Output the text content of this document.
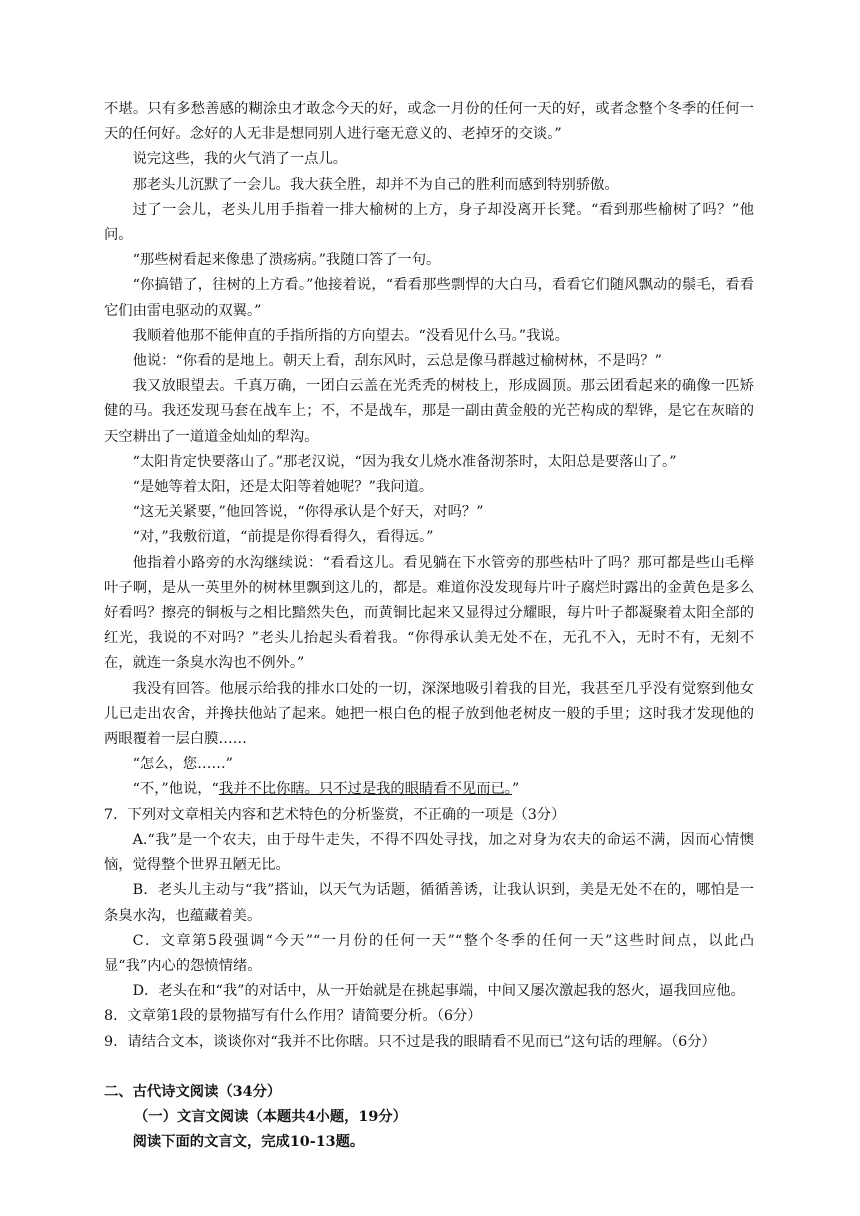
不堪。只有多愁善感的糊涂虫才敢念今天的好，或念一月份的任何一天的好，或者念整个冬季的任何一天的任何好。念好的人无非是想同别人进行毫无意义的、老掉牙的交谈。”

说完这些，我的火气消了一点儿。

那老头儿沉默了一会儿。我大获全胜，却并不为自己的胜利而感到特别骄傲。

过了一会儿，老头儿用手指着一排大榆树的上方，身子却没离开长凳。“看到那些榆树了吗？”他问。

“那些树看起来像患了溃疡病。”我随口答了一句。

“你搞错了，往树的上方看。”他接着说，“看看那些剽悍的大白马，看看它们随风飘动的鬃毛，看看它们由雷电驱动的双翼。”

我顺着他那不能伸直的手指所指的方向望去。“没看见什么马。”我说。

他说：“你看的是地上。朝天上看，刮东风时，云总是像马群越过榆树林，不是吗？”

我又放眼望去。千真万确，一团白云盖在光秃秃的树枝上，形成圆顶。那云团看起来的确像一匹矫健的马。我还发现马套在战车上；不，不是战车，那是一副由黄金般的光芒构成的犁铧，是它在灰暗的天空耕出了一道道金灿灿的犁沟。

“太阳肯定快要落山了。”那老汉说，“因为我女儿烧水准备沏茶时，太阳总是要落山了。”

“是她等着太阳，还是太阳等着她呢？”我问道。

“这无关紧要，”他回答说，“你得承认是个好天，对吗？”

“对，”我敷衍道，“前提是你得看得久，看得远。”

他指着小路旁的水沟继续说：“看看这儿。看见躺在下水管旁的那些枯叶了吗？那可都是些山毛榉叶子啊，是从一英里外的树林里飘到这儿的，都是。难道你没发现每片叶子腐烂时露出的金黄色是多么好看吗？擦亮的铜板与之相比黯然失色，而黄铜比起来又显得过分耀眼，每片叶子都凝聚着太阳全部的红光，我说的不对吗？”老头儿抬起头看着我。“你得承认美无处不在，无孔不入，无时不有，无刻不在，就连一条臭水沟也不例外。”

我没有回答。他展示给我的排水口处的一切，深深地吸引着我的目光，我甚至几乎没有觉察到他女儿已走出农舍，并搀扶他站了起来。她把一根白色的棍子放到他老树皮一般的手里；这时我才发现他的两眼覆着一层白膜……

“怎么，您……”

“不，”他说，“我并不比你瞎。只不过是我的眼睛看不见而已。”

7．下列对文章相关内容和艺术特色的分析鉴赏，不正确的一项是（3分）

A.“我”是一个农夫，由于母牛走失，不得不四处寻找，加之对身为农夫的命运不满，因而心情懊恼，觉得整个世界丑陋无比。

B．老头儿主动与“我”搭讪，以天气为话题，循循善诱，让我认识到，美是无处不在的，哪怕是一条臭水沟，也蕴藏着美。

C．文章第5段强调“今天”“一月份的任何一天”“整个冬季的任何一天”这些时间点，以此凸显“我”内心的怨愤情绪。

D．老头在和“我”的对话中，从一开始就是在挑起事端，中间又屡次激起我的怒火，逼我回应他。

8．文章第1段的景物描写有什么作用？请简要分析。（6分）

9．请结合文本，谈谈你对“我并不比你瞎。只不过是我的眼睛看不见而已”这句话的理解。（6分）

二、古代诗文阅读（34分）

（一）文言文阅读（本题共4小题，19分）

阅读下面的文言文，完成10-13题。
